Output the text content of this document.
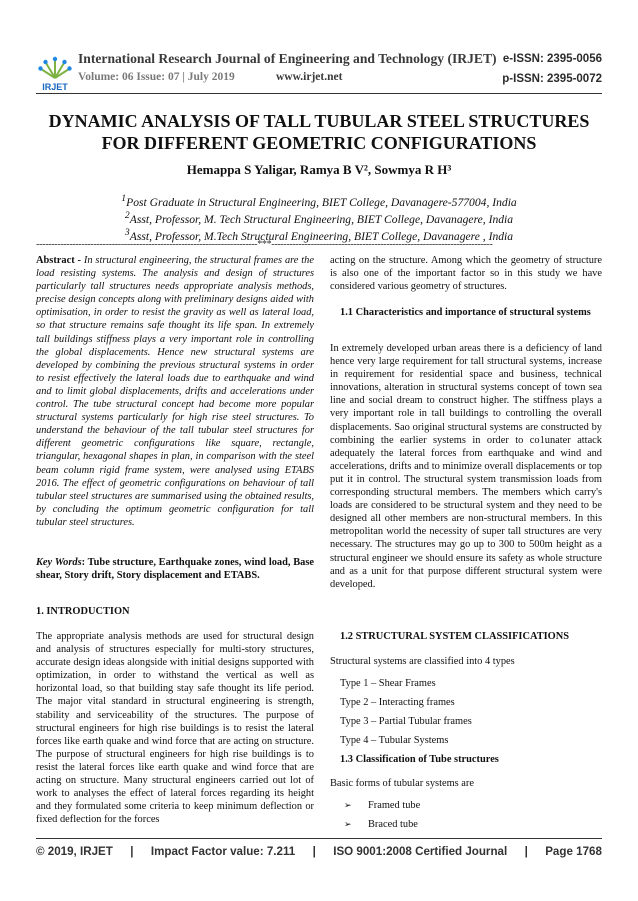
IRJET
International Research Journal of Engineering and Technology (IRJET)
Volume: 06 Issue: 07 | July 2019	www.irjet.net
e-ISSN: 2395-0056
p-ISSN: 2395-0072
DYNAMIC ANALYSIS OF TALL TUBULAR STEEL STRUCTURES FOR DIFFERENT GEOMETRIC CONFIGURATIONS
Hemappa S Yaligar, Ramya B V², Sowmya R H³
$^1$Post Graduate in Structural Engineering, BIET College, Davanagere-577004, India
$^2$Asst, Professor, M. Tech Structural Engineering, BIET College, Davanagere, India
$^3$Asst, Professor, M.Tech Structural Engineering, BIET College, Davanagere , India
-------------------------------------------------------------------------***-------------------------------------------------------------------------

Abstract - In structural engineering, the structural frames are the load resisting systems. The analysis and design of structures particularly tall structures needs appropriate analysis methods, precise design concepts along with preliminary designs aided with optimisation, in order to resist the gravity as well as lateral load, so that structure remains safe thought its life span. In extremely tall buildings stiffness plays a very important role in controlling the global displacements. Hence new structural systems are developed by combining the previous structural systems in order to resist effectively the lateral loads due to earthquake and wind and to limit global displacements, drifts and accelerations under control. The tube structural concept had become more popular structural systems particularly for high rise steel structures. To understand the behaviour of the tall tubular steel structures for different geometric configurations like square, rectangle, triangular, hexagonal shapes in plan, in comparison with the steel beam column rigid frame system, were analysed using ETABS 2016. The effect of geometric configurations on behaviour of tall tubular steel structures are summarised using the obtained results, by concluding the optimum geometric configuration for tall tubular steel structures.

Key Words: Tube structure, Earthquake zones, wind load, Base shear, Story drift, Story displacement and ETABS.

1. INTRODUCTION
The appropriate analysis methods are used for structural design and analysis of structures especially for multi-story structures, accurate design ideas alongside with initial designs supported with optimization, in order to withstand the vertical as well as horizontal load, so that building stay safe thought its life period. The major vital standard in structural engineering is strength, stability and serviceability of the structures. The purpose of structural engineers for high rise buildings is to resist the lateral forces like earth quake and wind force that are acting on structure. The purpose of structural engineers for high rise buildings is to resist the lateral forces like earth quake and wind force that are acting on structure. Many structural engineers carried out lot of work to analyses the effect of lateral forces regarding its height and they formulated some criteria to keep minimum deflection or fixed deflection for the forces
acting on the structure. Among which the geometry of structure is also one of the important factor so in this study we have considered various geometry of structures.
1.1 Characteristics and importance of structural systems
In extremely developed urban areas there is a deficiency of land hence very large requirement for tall structural systems, increase in requirement for residential space and business, technical innovations, alteration in structural systems concept of town sea line and social dream to construct higher. The stiffness plays a very important role in tall buildings to controlling the overall displacements. Sao original structural systems are constructed by combining the earlier systems in order to co1unater attack adequately the lateral forces from earthquake and wind and accelerations, drifts and to minimize overall displacements or top put it in control. The structural system transmission loads from corresponding structural members. The members which carry's loads are considered to be structural system and they need to be designed all other members are non-structural members. In this metropolitan world the necessity of super tall structures are very necessary. The structures may go up to 300 to 500m height as a structural engineer we should ensure its safety as whole structure and as a unit for that purpose different structural system were developed.
1.2 STRUCTURAL SYSTEM CLASSIFICATIONS
Structural systems are classified into 4 types
Type 1 – Shear Frames
Type 2 – Interacting frames
Type 3 – Partial Tubular frames
Type 4 – Tubular Systems
1.3 Classification of Tube structures
Basic forms of tubular systems are
➢	Framed tube
➢	Braced tube
© 2019, IRJET | Impact Factor value: 7.211 | ISO 9001:2008 Certified Journal | Page 1768
